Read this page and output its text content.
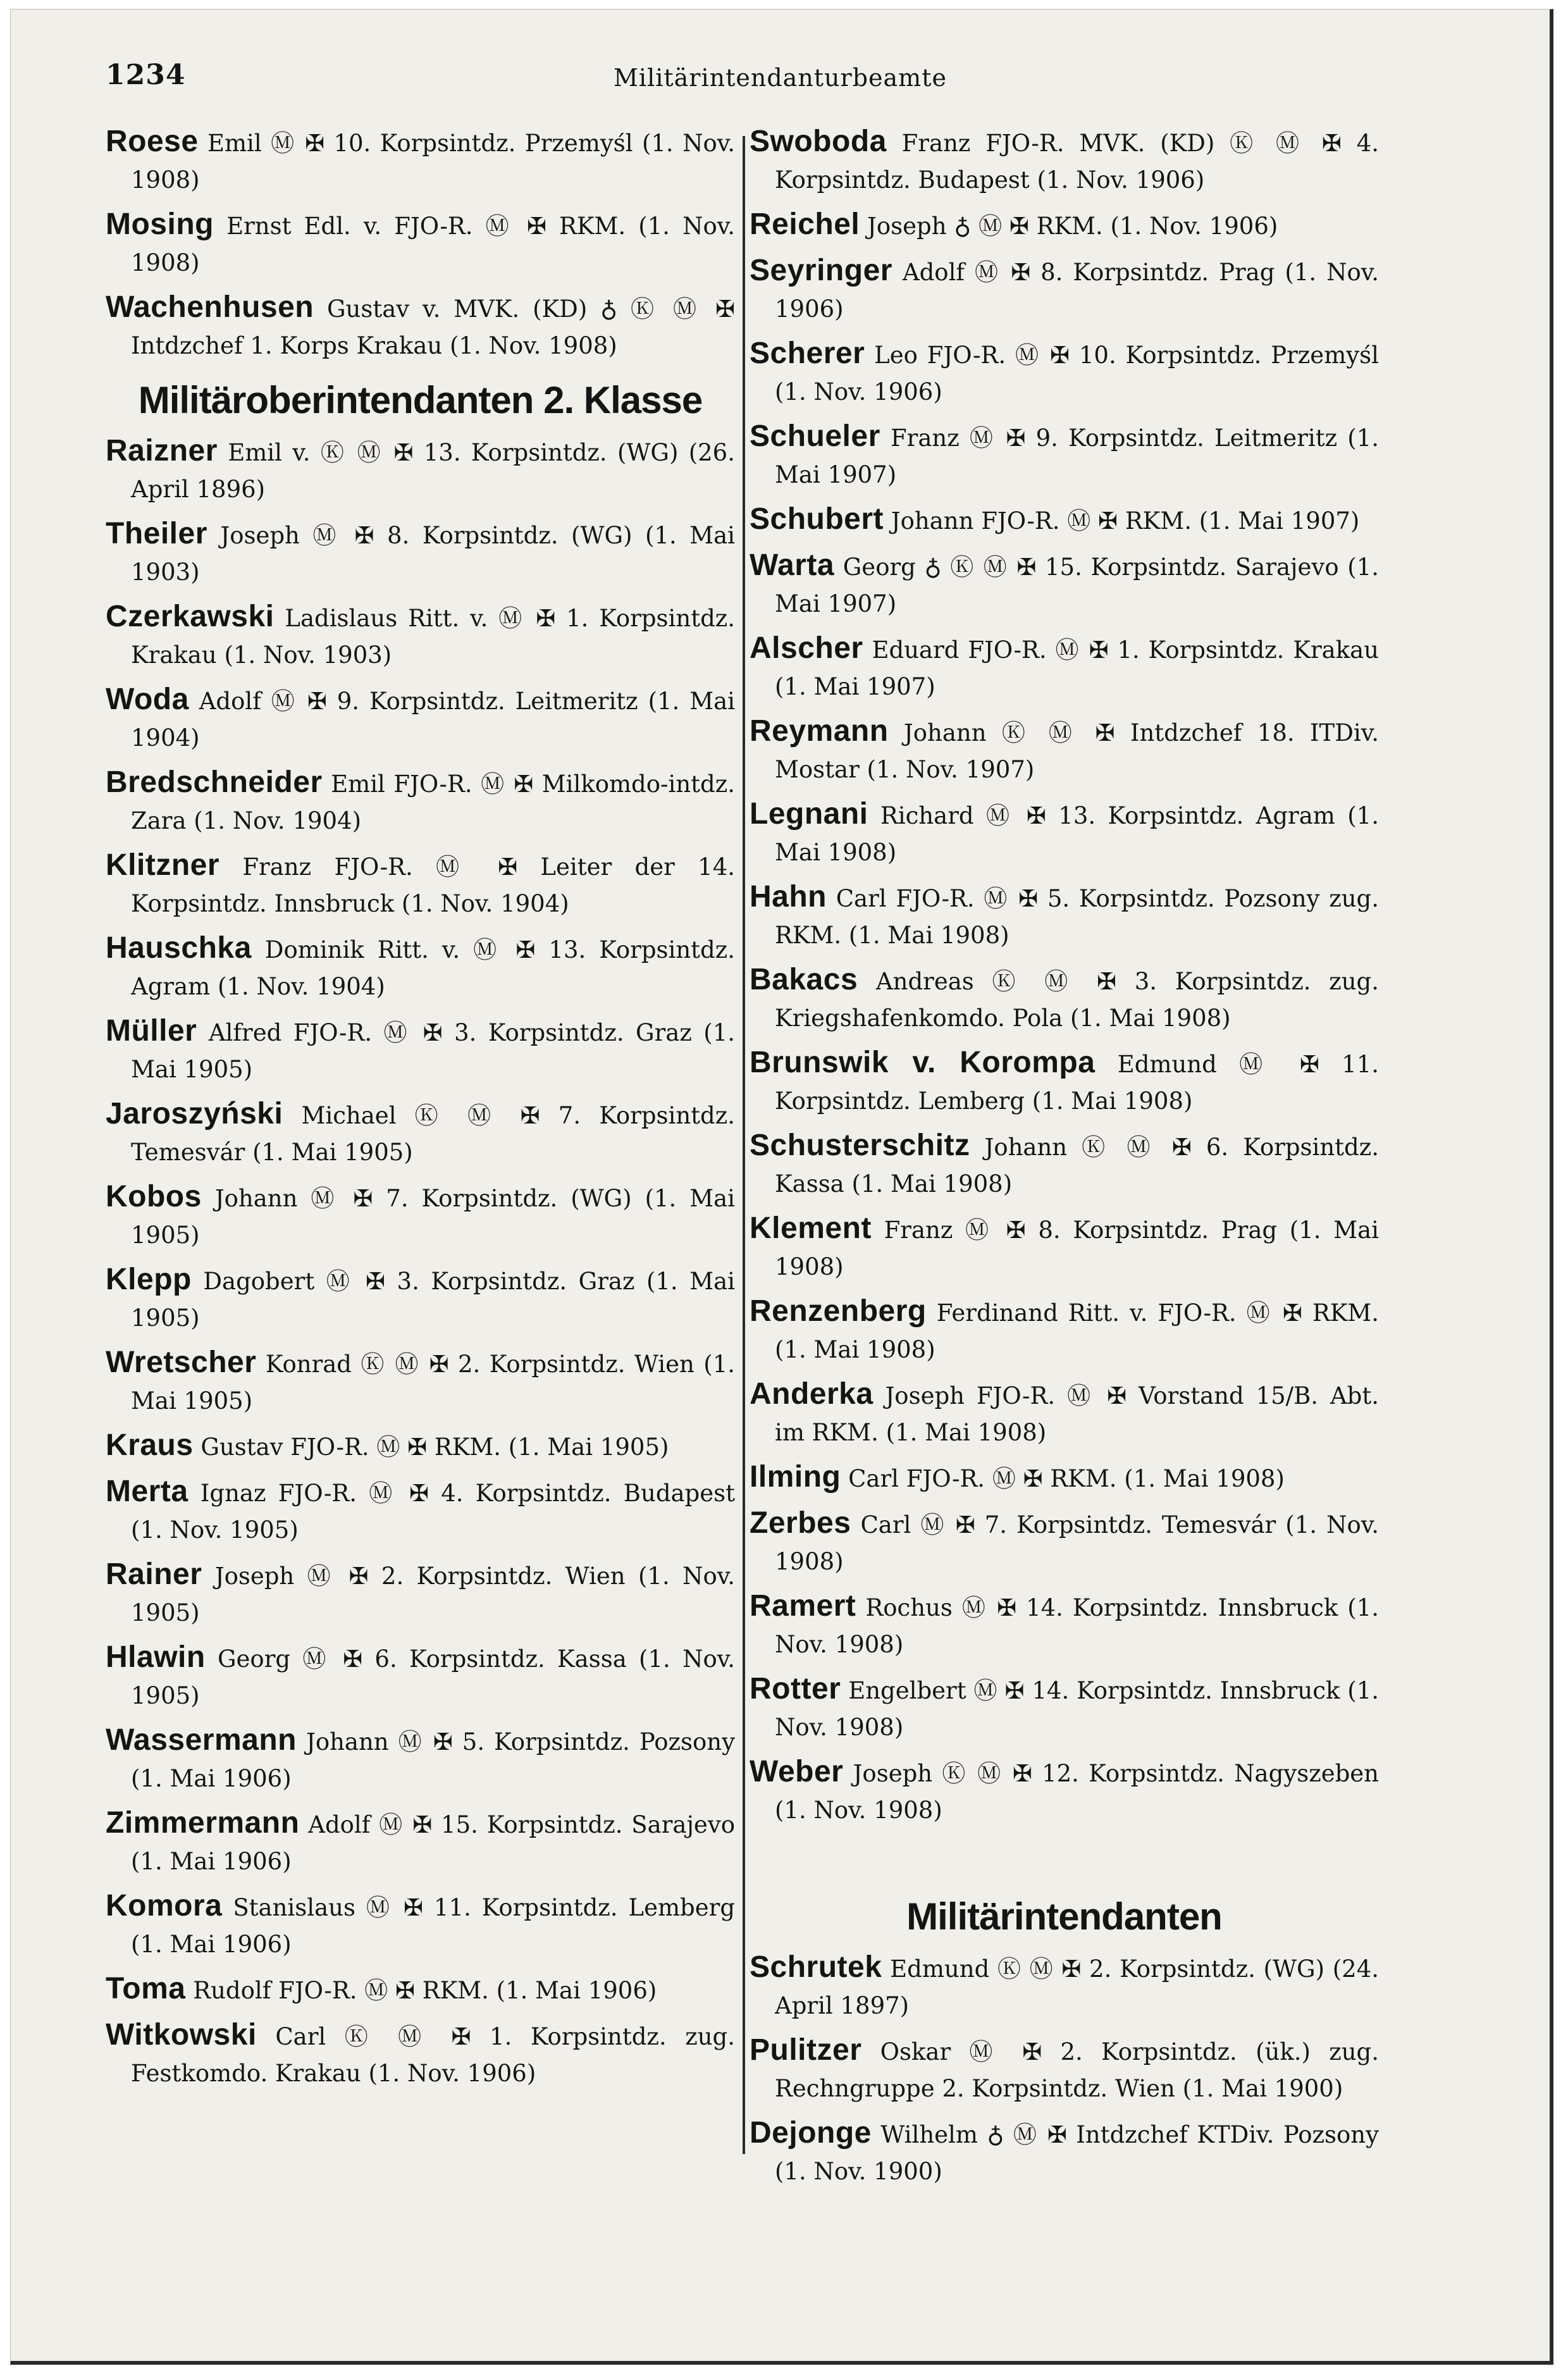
1234	Militärintendanturbeamte

Roese Emil Ⓜ ✠ 10. Korpsintdz. Przemyśl (1. Nov. 1908)

Mosing Ernst Edl. v. FJO-R. Ⓜ ✠ RKM. (1. Nov. 1908)

Wachenhusen Gustav v. MVK. (KD) ♁ Ⓚ Ⓜ ✠ Intdzchef 1. Korps Krakau (1. Nov. 1908)

Militäroberintendanten 2. Klasse

Raizner Emil v. Ⓚ Ⓜ ✠ 13. Korpsintdz. (WG) (26. April 1896)

Theiler Joseph Ⓜ ✠ 8. Korpsintdz. (WG) (1. Mai 1903)

Czerkawski Ladislaus Ritt. v. Ⓜ ✠ 1. Korpsintdz. Krakau (1. Nov. 1903)

Woda Adolf Ⓜ ✠ 9. Korpsintdz. Leitmeritz (1. Mai 1904)

Bredschneider Emil FJO-R. Ⓜ ✠ Milkomdo-intdz. Zara (1. Nov. 1904)

Klitzner Franz FJO-R. Ⓜ ✠ Leiter der 14. Korpsintdz. Innsbruck (1. Nov. 1904)

Hauschka Dominik Ritt. v. Ⓜ ✠ 13. Korpsintdz. Agram (1. Nov. 1904)

Müller Alfred FJO-R. Ⓜ ✠ 3. Korpsintdz. Graz (1. Mai 1905)

Jaroszyński Michael Ⓚ Ⓜ ✠ 7. Korpsintdz. Temesvár (1. Mai 1905)

Kobos Johann Ⓜ ✠ 7. Korpsintdz. (WG) (1. Mai 1905)

Klepp Dagobert Ⓜ ✠ 3. Korpsintdz. Graz (1. Mai 1905)

Wretscher Konrad Ⓚ Ⓜ ✠ 2. Korpsintdz. Wien (1. Mai 1905)

Kraus Gustav FJO-R. Ⓜ ✠ RKM. (1. Mai 1905)

Merta Ignaz FJO-R. Ⓜ ✠ 4. Korpsintdz. Budapest (1. Nov. 1905)

Rainer Joseph Ⓜ ✠ 2. Korpsintdz. Wien (1. Nov. 1905)

Hlawin Georg Ⓜ ✠ 6. Korpsintdz. Kassa (1. Nov. 1905)

Wassermann Johann Ⓜ ✠ 5. Korpsintdz. Pozsony (1. Mai 1906)

Zimmermann Adolf Ⓜ ✠ 15. Korpsintdz. Sarajevo (1. Mai 1906)

Komora Stanislaus Ⓜ ✠ 11. Korpsintdz. Lemberg (1. Mai 1906)

Toma Rudolf FJO-R. Ⓜ ✠ RKM. (1. Mai 1906)

Witkowski Carl Ⓚ Ⓜ ✠ 1. Korpsintdz. zug. Festkomdo. Krakau (1. Nov. 1906)

Swoboda Franz FJO-R. MVK. (KD) Ⓚ Ⓜ ✠ 4. Korpsintdz. Budapest (1. Nov. 1906)

Reichel Joseph ♁ Ⓜ ✠ RKM. (1. Nov. 1906)

Seyringer Adolf Ⓜ ✠ 8. Korpsintdz. Prag (1. Nov. 1906)

Scherer Leo FJO-R. Ⓜ ✠ 10. Korpsintdz. Przemyśl (1. Nov. 1906)

Schueler Franz Ⓜ ✠ 9. Korpsintdz. Leitmeritz (1. Mai 1907)

Schubert Johann FJO-R. Ⓜ ✠ RKM. (1. Mai 1907)

Warta Georg ♁ Ⓚ Ⓜ ✠ 15. Korpsintdz. Sarajevo (1. Mai 1907)

Alscher Eduard FJO-R. Ⓜ ✠ 1. Korpsintdz. Krakau (1. Mai 1907)

Reymann Johann Ⓚ Ⓜ ✠ Intdzchef 18. ITDiv. Mostar (1. Nov. 1907)

Legnani Richard Ⓜ ✠ 13. Korpsintdz. Agram (1. Mai 1908)

Hahn Carl FJO-R. Ⓜ ✠ 5. Korpsintdz. Pozsony zug. RKM. (1. Mai 1908)

Bakacs Andreas Ⓚ Ⓜ ✠ 3. Korpsintdz. zug. Kriegshafenkomdo. Pola (1. Mai 1908)

Brunswik v. Korompa Edmund Ⓜ ✠ 11. Korpsintdz. Lemberg (1. Mai 1908)

Schusterschitz Johann Ⓚ Ⓜ ✠ 6. Korpsintdz. Kassa (1. Mai 1908)

Klement Franz Ⓜ ✠ 8. Korpsintdz. Prag (1. Mai 1908)

Renzenberg Ferdinand Ritt. v. FJO-R. Ⓜ ✠ RKM. (1. Mai 1908)

Anderka Joseph FJO-R. Ⓜ ✠ Vorstand 15/B. Abt. im RKM. (1. Mai 1908)

Ilming Carl FJO-R. Ⓜ ✠ RKM. (1. Mai 1908)

Zerbes Carl Ⓜ ✠ 7. Korpsintdz. Temesvár (1. Nov. 1908)

Ramert Rochus Ⓜ ✠ 14. Korpsintdz. Innsbruck (1. Nov. 1908)

Rotter Engelbert Ⓜ ✠ 14. Korpsintdz. Innsbruck (1. Nov. 1908)

Weber Joseph Ⓚ Ⓜ ✠ 12. Korpsintdz. Nagyszeben (1. Nov. 1908)

Militärintendanten

Schrutek Edmund Ⓚ Ⓜ ✠ 2. Korpsintdz. (WG) (24. April 1897)

Pulitzer Oskar Ⓜ ✠ 2. Korpsintdz. (ük.) zug. Rechngruppe 2. Korpsintdz. Wien (1. Mai 1900)

Dejonge Wilhelm ♁ Ⓜ ✠ Intdzchef KTDiv. Pozsony (1. Nov. 1900)
